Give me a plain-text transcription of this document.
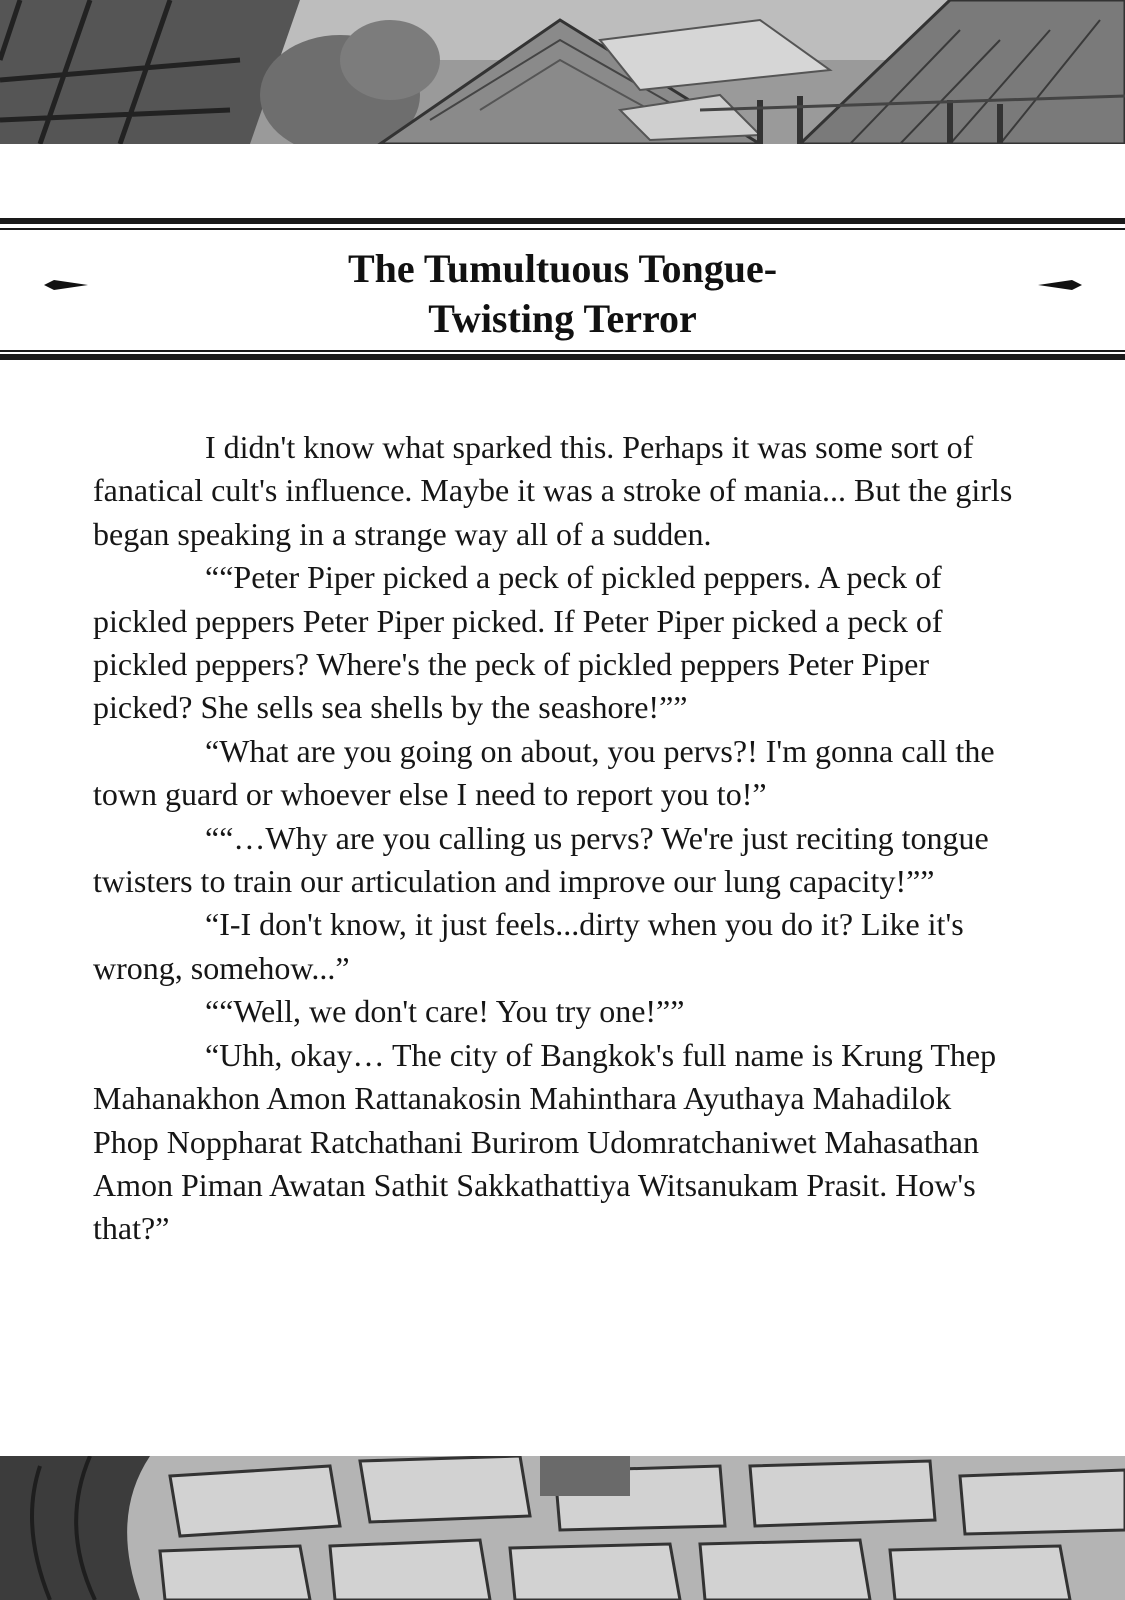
The Tumultuous Tongue-
Twisting Terror

I didn't know what sparked this. Perhaps it was some sort of fanatical cult's influence. Maybe it was a stroke of mania... But the girls began speaking in a strange way all of a sudden.

““Peter Piper picked a peck of pickled peppers. A peck of pickled peppers Peter Piper picked. If Peter Piper picked a peck of pickled peppers? Where's the peck of pickled peppers Peter Piper picked? She sells sea shells by the seashore!””

“What are you going on about, you pervs?! I'm gonna call the town guard or whoever else I need to report you to!”

““…Why are you calling us pervs? We're just reciting tongue twisters to train our articulation and improve our lung capacity!””

“I-I don't know, it just feels...dirty when you do it? Like it's wrong, somehow...”

““Well, we don't care! You try one!””

“Uhh, okay… The city of Bangkok's full name is Krung Thep Mahanakhon Amon Rattanakosin Mahinthara Ayuthaya Mahadilok Phop Noppharat Ratchathani Burirom Udomratchaniwet Mahasathan Amon Piman Awatan Sathit Sakkathattiya Witsanukam Prasit. How's that?”
